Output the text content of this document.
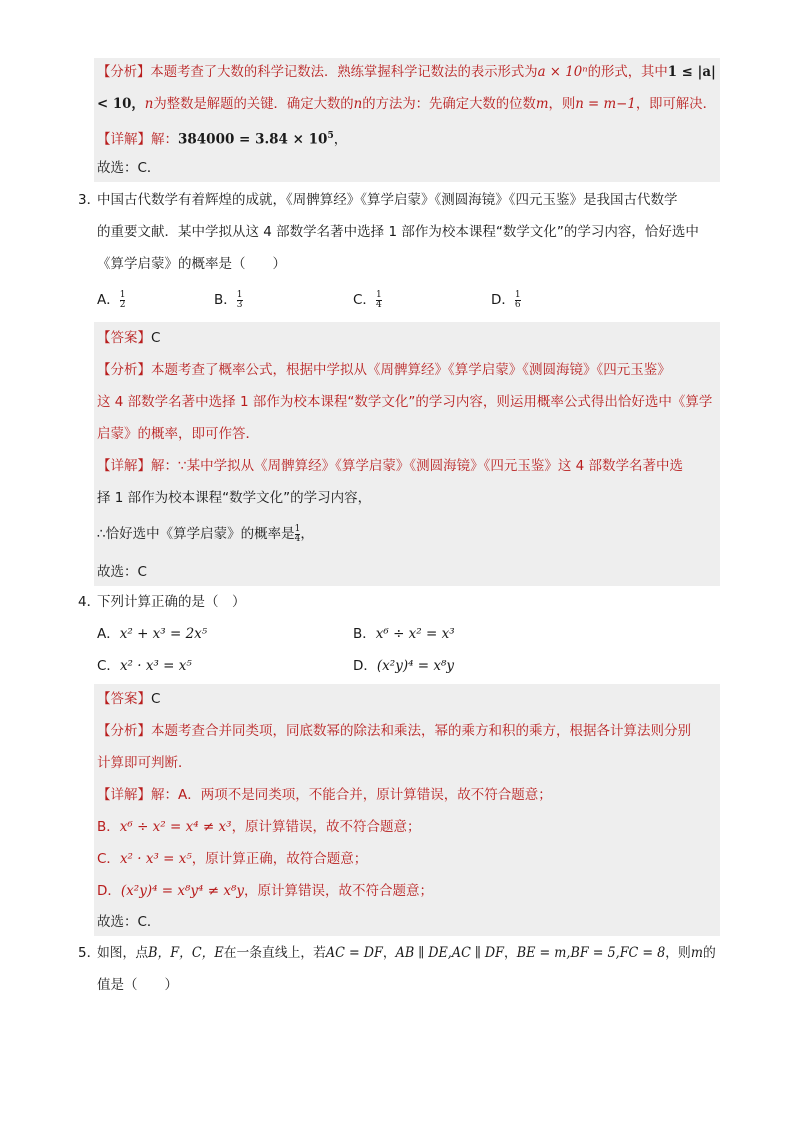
【分析】本题考查了大数的科学记数法．熟练掌握科学记数法的表示形式为a × 10ⁿ的形式，其中1 ≤ |a|
< 10，n为整数是解题的关键．确定大数的n的方法为：先确定大数的位数m，则n = m−1，即可解决．
【详解】解：$384000 = 3.84 \times 10^5$，
故选：C．
3．
中国古代数学有着辉煌的成就，《周髀算经》《算学启蒙》《测圆海镜》《四元玉鉴》是我国古代数学
的重要文献．某中学拟从这 4 部数学名著中选择 1 部作为校本课程“数学文化”的学习内容，恰好选中
《算学启蒙》的概率是（　　）
A． $\frac{1}{2}$	B． $\frac{1}{3}$	C． $\frac{1}{4}$	D． $\frac{1}{6}$
【答案】C
【分析】本题考查了概率公式，根据中学拟从《周髀算经》《算学启蒙》《测圆海镜》《四元玉鉴》
这 4 部数学名著中选择 1 部作为校本课程“数学文化”的学习内容，则运用概率公式得出恰好选中《算学
启蒙》的概率，即可作答．
【详解】解：∵某中学拟从《周髀算经》《算学启蒙》《测圆海镜》《四元玉鉴》这 4 部数学名著中选
择 1 部作为校本课程“数学文化”的学习内容，
∴恰好选中《算学启蒙》的概率是 $\frac{1}{4}$ ，
故选：C
4．
下列计算正确的是（　）
A．x² + x³ = 2x⁵	B．x⁶ ÷ x² = x³
C．x² · x³ = x⁵	D．(x²y)⁴ = x⁸y
【答案】C
【分析】本题考查合并同类项，同底数幂的除法和乘法，幂的乘方和积的乘方，根据各计算法则分别
计算即可判断．
【详解】解：A．两项不是同类项，不能合并，原计算错误，故不符合题意；
B．x⁶ ÷ x² = x⁴ ≠ x³，原计算错误，故不符合题意；
C．x² · x³ = x⁵，原计算正确，故符合题意；
D．(x²y)⁴ = x⁸y⁴ ≠ x⁸y，原计算错误，故不符合题意；
故选：C．
5．
如图，点B，F，C，E在一条直线上，若AC = DF，AB ∥ DE,AC ∥ DF，BE = m,BF = 5,FC = 8，则m的
值是（　　）
